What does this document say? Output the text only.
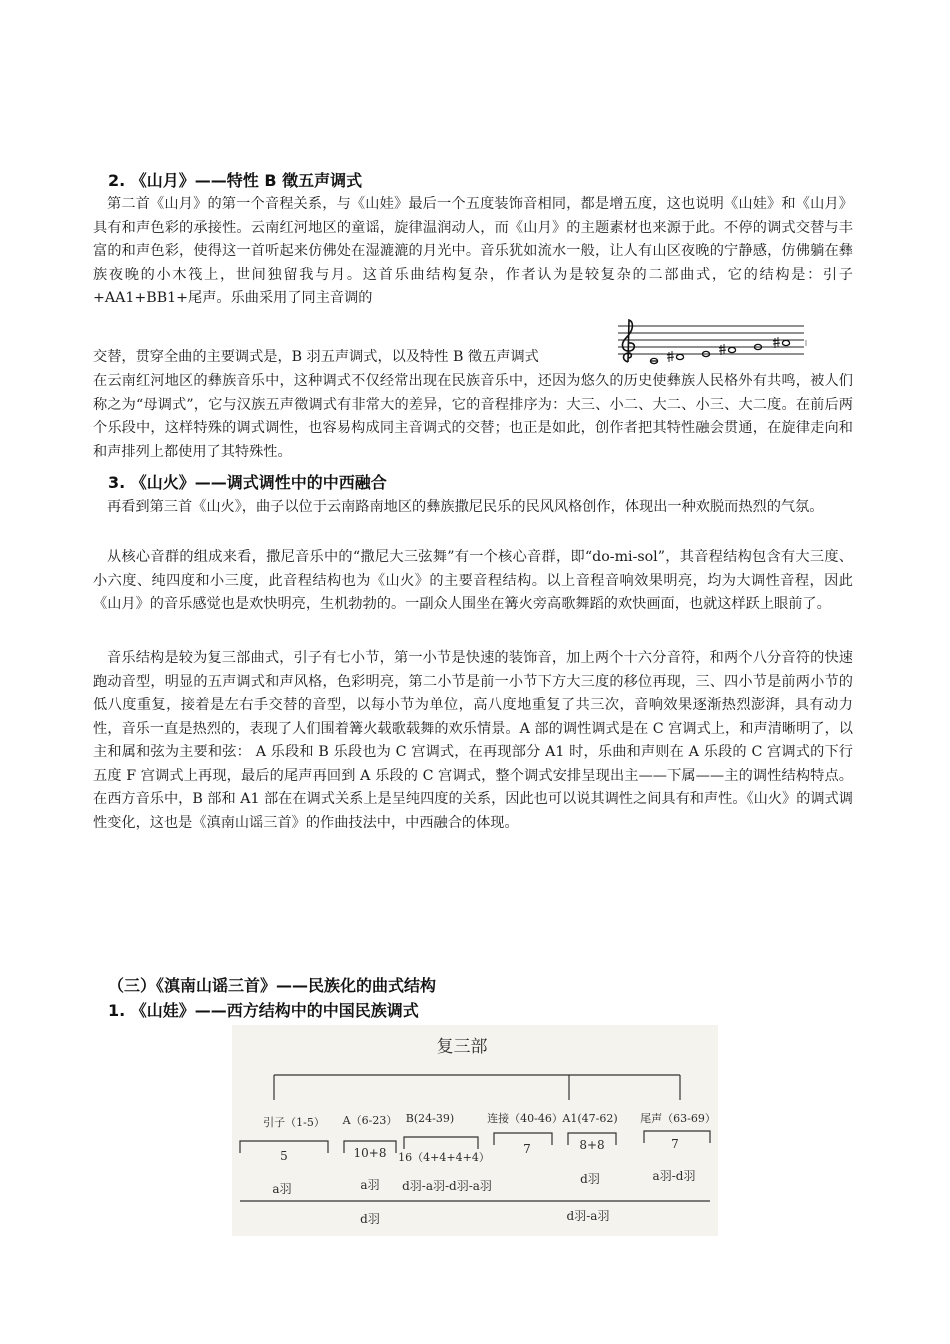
2. 《山月》——特性 B 徵五声调式

第二首《山月》的第一个音程关系，与《山娃》最后一个五度装饰音相同，都是增五度，这也说明《山娃》和《山月》具有和声色彩的承接性。云南红河地区的童谣，旋律温润动人，而《山月》的主题素材也来源于此。不停的调式交替与丰富的和声色彩，使得这一首听起来仿佛处在湿漉漉的月光中。音乐犹如流水一般，让人有山区夜晚的宁静感，仿佛躺在彝族夜晚的小木筏上，世间独留我与月。这首乐曲结构复杂，作者认为是较复杂的二部曲式，它的结构是：引子+AA1+BB1+尾声。乐曲采用了同主音调的

交替，贯穿全曲的主要调式是，B 羽五声调式，以及特性 B 徵五声调式

在云南红河地区的彝族音乐中，这种调式不仅经常出现在民族音乐中，还因为悠久的历史使彝族人民格外有共鸣，被人们称之为“母调式”，它与汉族五声徵调式有非常大的差异，它的音程排序为：大三、小二、大二、小三、大二度。在前后两个乐段中，这样特殊的调式调性，也容易构成同主音调式的交替；也正是如此，创作者把其特性融会贯通，在旋律走向和和声排列上都使用了其特殊性。

3. 《山火》——调式调性中的中西融合

再看到第三首《山火》，曲子以位于云南路南地区的彝族撒尼民乐的民风风格创作，体现出一种欢脱而热烈的气氛。

从核心音群的组成来看，撒尼音乐中的“撒尼大三弦舞”有一个核心音群，即“do-mi-sol”，其音程结构包含有大三度、小六度、纯四度和小三度，此音程结构也为《山火》的主要音程结构。以上音程音响效果明亮，均为大调性音程，因此《山月》的音乐感觉也是欢快明亮，生机勃勃的。一副众人围坐在篝火旁高歌舞蹈的欢快画面，也就这样跃上眼前了。

音乐结构是较为复三部曲式，引子有七小节，第一小节是快速的装饰音，加上两个十六分音符，和两个八分音符的快速跑动音型，明显的五声调式和声风格，色彩明亮，第二小节是前一小节下方大三度的移位再现，三、四小节是前两小节的低八度重复，接着是左右手交替的音型，以每小节为单位，高八度地重复了共三次，音响效果逐渐热烈澎湃，具有动力性，音乐一直是热烈的，表现了人们围着篝火载歌载舞的欢乐情景。A 部的调性调式是在 C 宫调式上，和声清晰明了，以主和属和弦为主要和弦： A 乐段和 B 乐段也为 C 宫调式，在再现部分 A1 时，乐曲和声则在 A 乐段的 C 宫调式的下行五度 F 宫调式上再现，最后的尾声再回到 A 乐段的 C 宫调式，整个调式安排呈现出主——下属——主的调性结构特点。在西方音乐中，B 部和 A1 部在在调式关系上是呈纯四度的关系，因此也可以说其调性之间具有和声性。《山火》的调式调性变化，这也是《滇南山谣三首》的作曲技法中，中西融合的体现。

（三）《滇南山谣三首》——民族化的曲式结构
1. 《山娃》——西方结构中的中国民族调式
复三部
引子（1-5） A（6-23） B(24-39)	连接（40-46） A1(47-62) 尾声（63-69）
5	10+8 16（4+4+4+4）
7	8+8	7
a羽	a羽 d羽-a羽-d羽-a羽	d羽	a羽-d羽
d羽	d羽-a羽
